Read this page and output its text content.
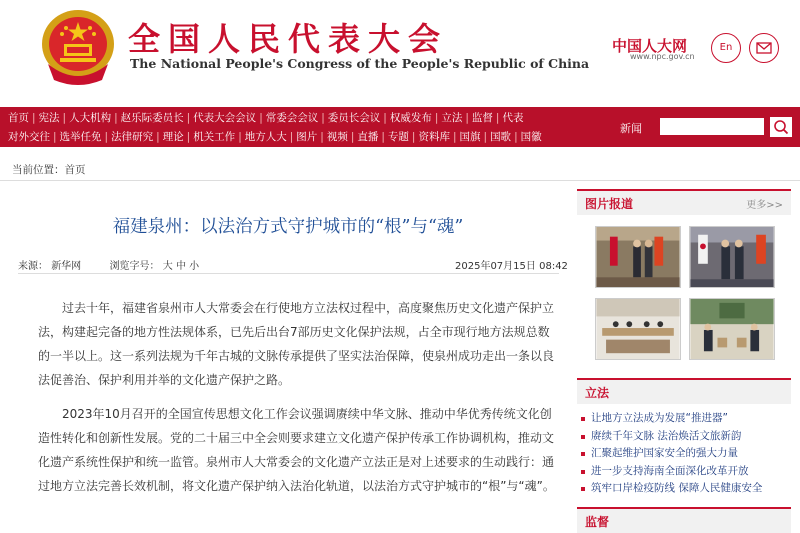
全国人民代表大会
The National People's Congress of the People's Republic of China
中国人大网
www.npc.gov.cn
En
首页 | 宪法 | 人大机构 | 赵乐际委员长 | 代表大会会议 | 常委会会议 | 委员长会议 | 权威发布 | 立法 | 监督 | 代表
对外交往 | 选举任免 | 法律研究 | 理论 | 机关工作 | 地方人大 | 图片 | 视频 | 直播 | 专题 | 资料库 | 国旗 | 国歌 | 国徽
新闻
当前位置：首页
福建泉州：以法治方式守护城市的“根”与“魂”
来源： 新华网	浏览字号： 大 中 小	2025年07月15日 08:42

过去十年，福建省泉州市人大常委会在行使地方立法权过程中，高度聚焦历史文化遗产保护立法，构建起完备的地方性法规体系，已先后出台7部历史文化保护法规，占全市现行地方法规总数的一半以上。这一系列法规为千年古城的文脉传承提供了坚实法治保障，使泉州成功走出一条以良法促善治、保护利用并举的文化遗产保护之路。

2023年10月召开的全国宣传思想文化工作会议强调赓续中华文脉、推动中华优秀传统文化创造性转化和创新性发展。党的二十届三中全会则要求建立文化遗产保护传承工作协调机构，推动文化遗产系统性保护和统一监管。泉州市人大常委会的文化遗产立法正是对上述要求的生动践行：通过地方立法完善长效机制，将文化遗产保护纳入法治化轨道，以法治方式守护城市的“根”与“魂”。

图片报道	更多>>
立法
让地方立法成为发展“推进器”
赓续千年文脉 法治焕活文旅新韵
汇聚起维护国家安全的强大力量
进一步支持海南全面深化改革开放
筑牢口岸检疫防线 保障人民健康安全
监督
